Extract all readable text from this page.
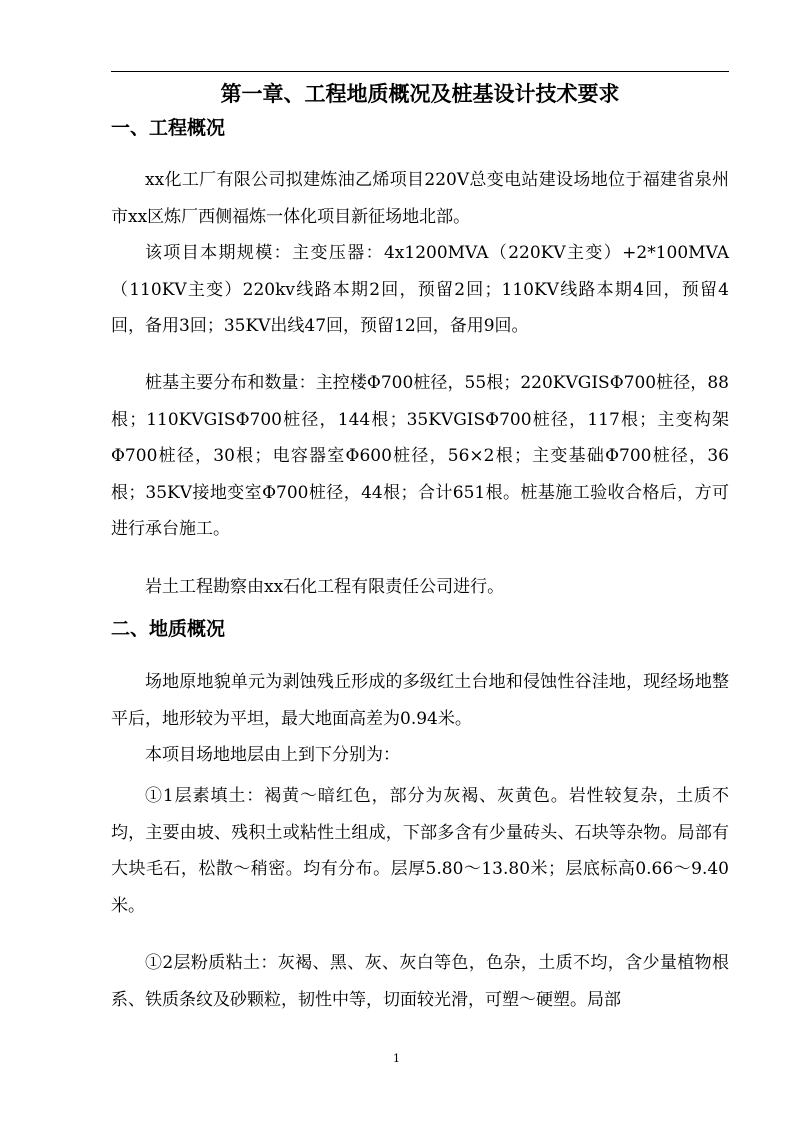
第一章、工程地质概况及桩基设计技术要求
一、工程概况
xx化工厂有限公司拟建炼油乙烯项目220V总变电站建设场地位于福建省泉州市xx区炼厂西侧福炼一体化项目新征场地北部。
该项目本期规模：主变压器：4x1200MVA（220KV主变）+2*100MVA（110KV主变）220kv线路本期2回，预留2回；110KV线路本期4回，预留4回，备用3回；35KV出线47回，预留12回，备用9回。
桩基主要分布和数量：主控楼Φ700桩径，55根；220KVGISΦ700桩径，88根；110KVGISΦ700桩径，144根；35KVGISΦ700桩径，117根；主变构架Φ700桩径，30根；电容器室Φ600桩径，56×2根；主变基础Φ700桩径，36根；35KV接地变室Φ700桩径，44根；合计651根。桩基施工验收合格后，方可进行承台施工。
岩土工程勘察由xx石化工程有限责任公司进行。
二、地质概况
场地原地貌单元为剥蚀残丘形成的多级红土台地和侵蚀性谷洼地，现经场地整平后，地形较为平坦，最大地面高差为0.94米。
本项目场地地层由上到下分别为：
①1层素填土：褐黄～暗红色，部分为灰褐、灰黄色。岩性较复杂，土质不均，主要由坡、残积土或粘性土组成，下部多含有少量砖头、石块等杂物。局部有大块毛石，松散～稍密。均有分布。层厚5.80～13.80米；层底标高0.66～9.40米。
①2层粉质粘土：灰褐、黑、灰、灰白等色，色杂，土质不均，含少量植物根系、铁质条纹及砂颗粒，韧性中等，切面较光滑，可塑～硬塑。局部
1
